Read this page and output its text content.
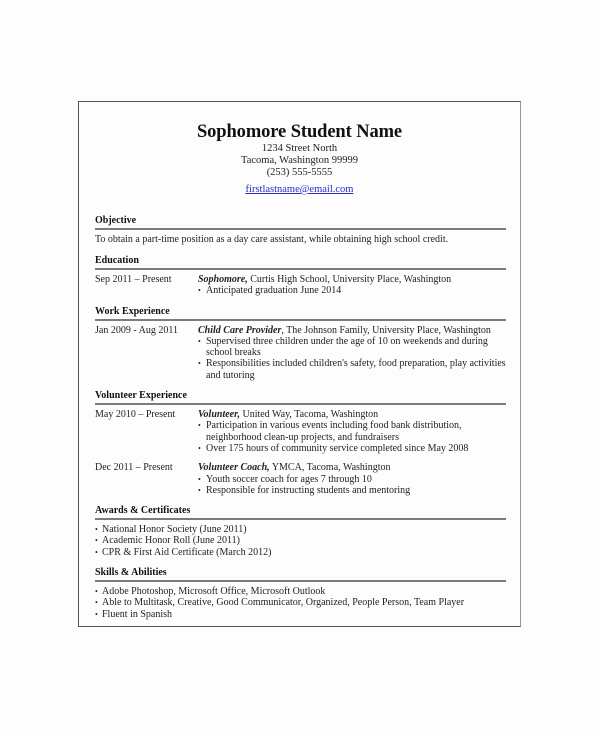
Sophomore Student Name
1234 Street North
Tacoma, Washington 99999
(253) 555-5555
firstlastname@email.com
Objective
To obtain a part-time position as a day care assistant, while obtaining high school credit.
Education
Sep 2011 – Present	Sophomore, Curtis High School, University Place, Washington
• Anticipated graduation June 2014
Work Experience
Jan 2009 - Aug 2011	Child Care Provider, The Johnson Family, University Place, Washington
• Supervised three children under the age of 10 on weekends and during school breaks
• Responsibilities included children's safety, food preparation, play activities and tutoring
Volunteer Experience
May 2010 – Present	Volunteer, United Way, Tacoma, Washington
• Participation in various events including food bank distribution, neighborhood clean-up projects, and fundraisers
• Over 175 hours of community service completed since May 2008
Dec 2011 – Present	Volunteer Coach, YMCA, Tacoma, Washington
• Youth soccer coach for ages 7 through 10
• Responsible for instructing students and mentoring
Awards & Certificates
• National Honor Society (June 2011)
• Academic Honor Roll (June 2011)
• CPR & First Aid Certificate (March 2012)
Skills & Abilities
• Adobe Photoshop, Microsoft Office, Microsoft Outlook
• Able to Multitask, Creative, Good Communicator, Organized, People Person, Team Player
• Fluent in Spanish
